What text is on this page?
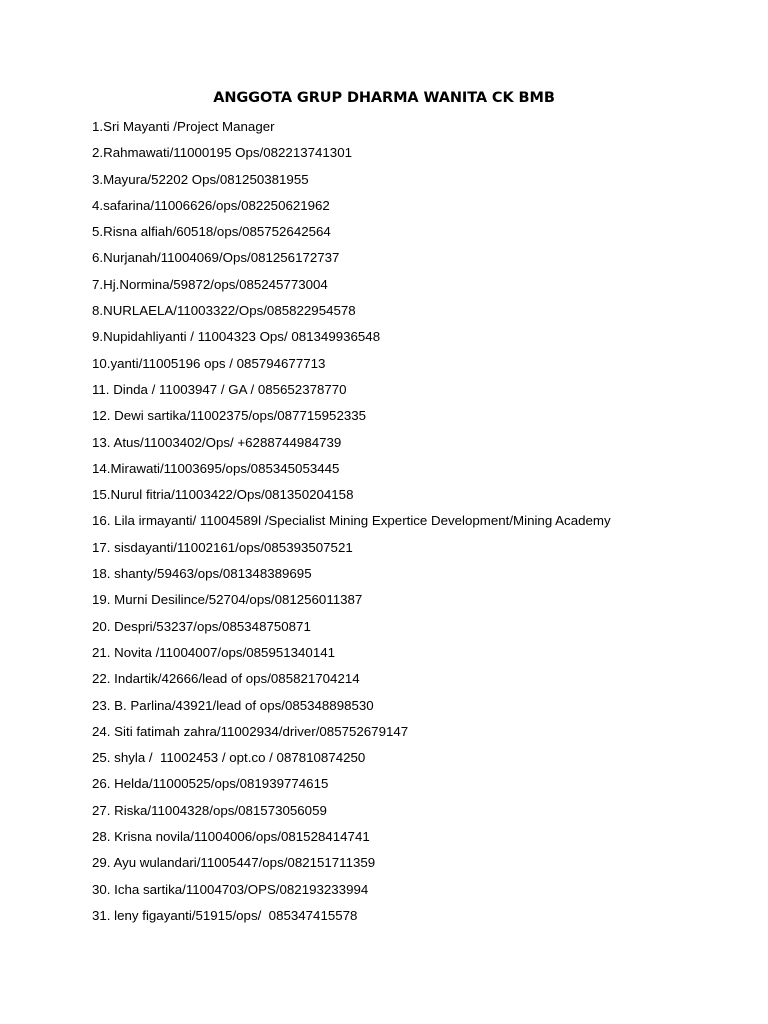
ANGGOTA GRUP DHARMA WANITA CK BMB
1.Sri Mayanti /Project Manager
2.Rahmawati/11000195 Ops/082213741301
3.Mayura/52202 Ops/081250381955
4.safarina/11006626/ops/082250621962
5.Risna alfiah/60518/ops/085752642564
6.Nurjanah/11004069/Ops/081256172737
7.Hj.Normina/59872/ops/085245773004
8.NURLAELA/11003322/Ops/085822954578
9.Nupidahliyanti / 11004323 Ops/ 081349936548
10.yanti/11005196 ops / 085794677713
11. Dinda / 11003947 / GA / 085652378770
12. Dewi sartika/11002375/ops/087715952335
13. Atus/11003402/Ops/ +6288744984739
14.Mirawati/11003695/ops/085345053445
15.Nurul fitria/11003422/Ops/081350204158
16. Lila irmayanti/ 11004589l /Specialist Mining Expertice Development/Mining Academy
17. sisdayanti/11002161/ops/085393507521
18. shanty/59463/ops/081348389695
19. Murni Desilince/52704/ops/081256011387
20. Despri/53237/ops/085348750871
21. Novita /11004007/ops/085951340141
22. Indartik/42666/lead of ops/085821704214
23. B. Parlina/43921/lead of ops/085348898530
24. Siti fatimah zahra/11002934/driver/085752679147
25. shyla /  11002453 / opt.co / 087810874250
26. Helda/11000525/ops/081939774615
27. Riska/11004328/ops/081573056059
28. Krisna novila/11004006/ops/081528414741
29. Ayu wulandari/11005447/ops/082151711359
30. Icha sartika/11004703/OPS/082193233994
31. leny figayanti/51915/ops/  085347415578
